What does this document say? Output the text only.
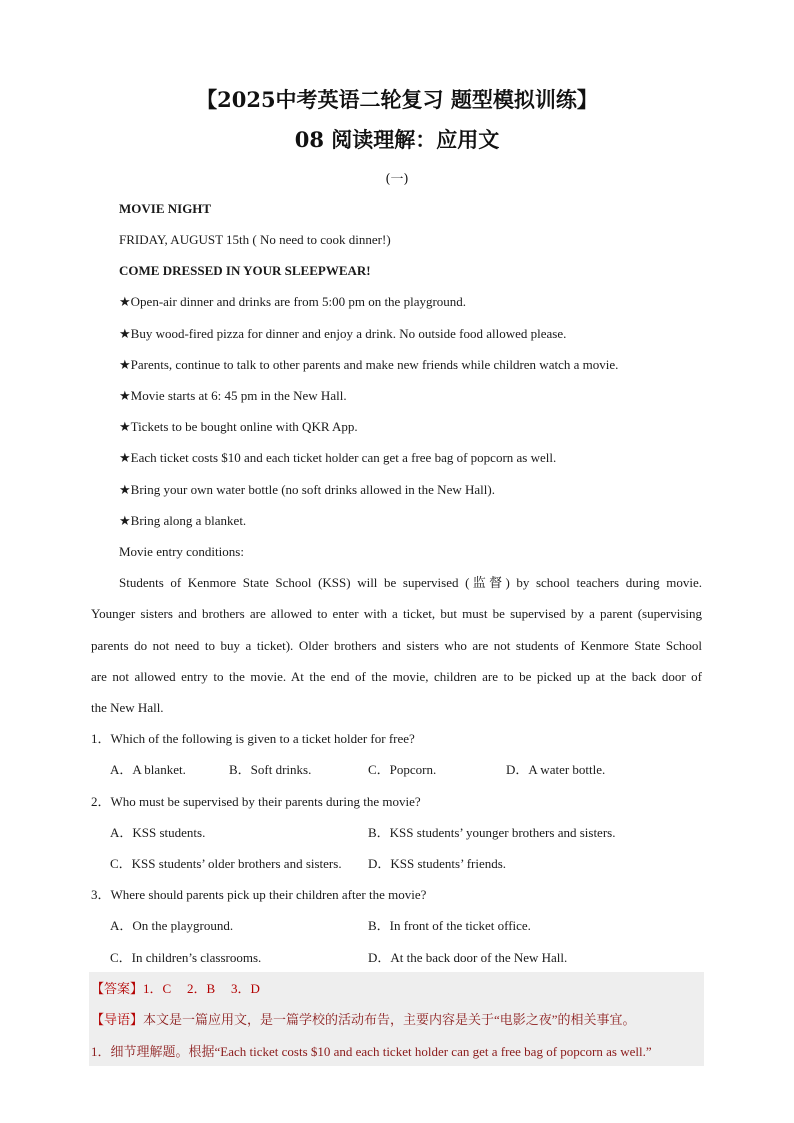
【2025中考英语二轮复习 题型模拟训练】
08 阅读理解：应用文
(一)
MOVIE NIGHT
FRIDAY, AUGUST 15th ( No need to cook dinner!)
COME DRESSED IN YOUR SLEEPWEAR!
★Open-air dinner and drinks are from 5:00 pm on the playground.
★Buy wood-fired pizza for dinner and enjoy a drink. No outside food allowed please.
★Parents, continue to talk to other parents and make new friends while children watch a movie.
★Movie starts at 6: 45 pm in the New Hall.
★Tickets to be bought online with QKR App.
★Each ticket costs $10 and each ticket holder can get a free bag of popcorn as well.
★Bring your own water bottle (no soft drinks allowed in the New Hall).
★Bring along a blanket.
Movie entry conditions:
Students of Kenmore State School (KSS) will be supervised (监督) by school teachers during movie.
Younger sisters and brothers are allowed to enter with a ticket, but must be supervised by a parent (supervising
parents do not need to buy a ticket). Older brothers and sisters who are not students of Kenmore State School
are not allowed entry to the movie. At the end of the movie, children are to be picked up at the back door of
the New Hall.
1．Which of the following is given to a ticket holder for free?
A．A blanket.	B．Soft drinks.	C．Popcorn.	D．A water bottle.
2．Who must be supervised by their parents during the movie?
A．KSS students.	B．KSS students’ younger brothers and sisters.
C．KSS students’ older brothers and sisters. D．KSS students’ friends.
3．Where should parents pick up their children after the movie?
A．On the playground.	B．In front of the ticket office.
C．In children’s classrooms.	D．At the back door of the New Hall.
【答案】1．C 2．B 3．D
【导语】本文是一篇应用文，是一篇学校的活动布告，主要内容是关于“电影之夜”的相关事宜。
1．细节理解题。根据“Each ticket costs $10 and each ticket holder can get a free bag of popcorn as well.”
